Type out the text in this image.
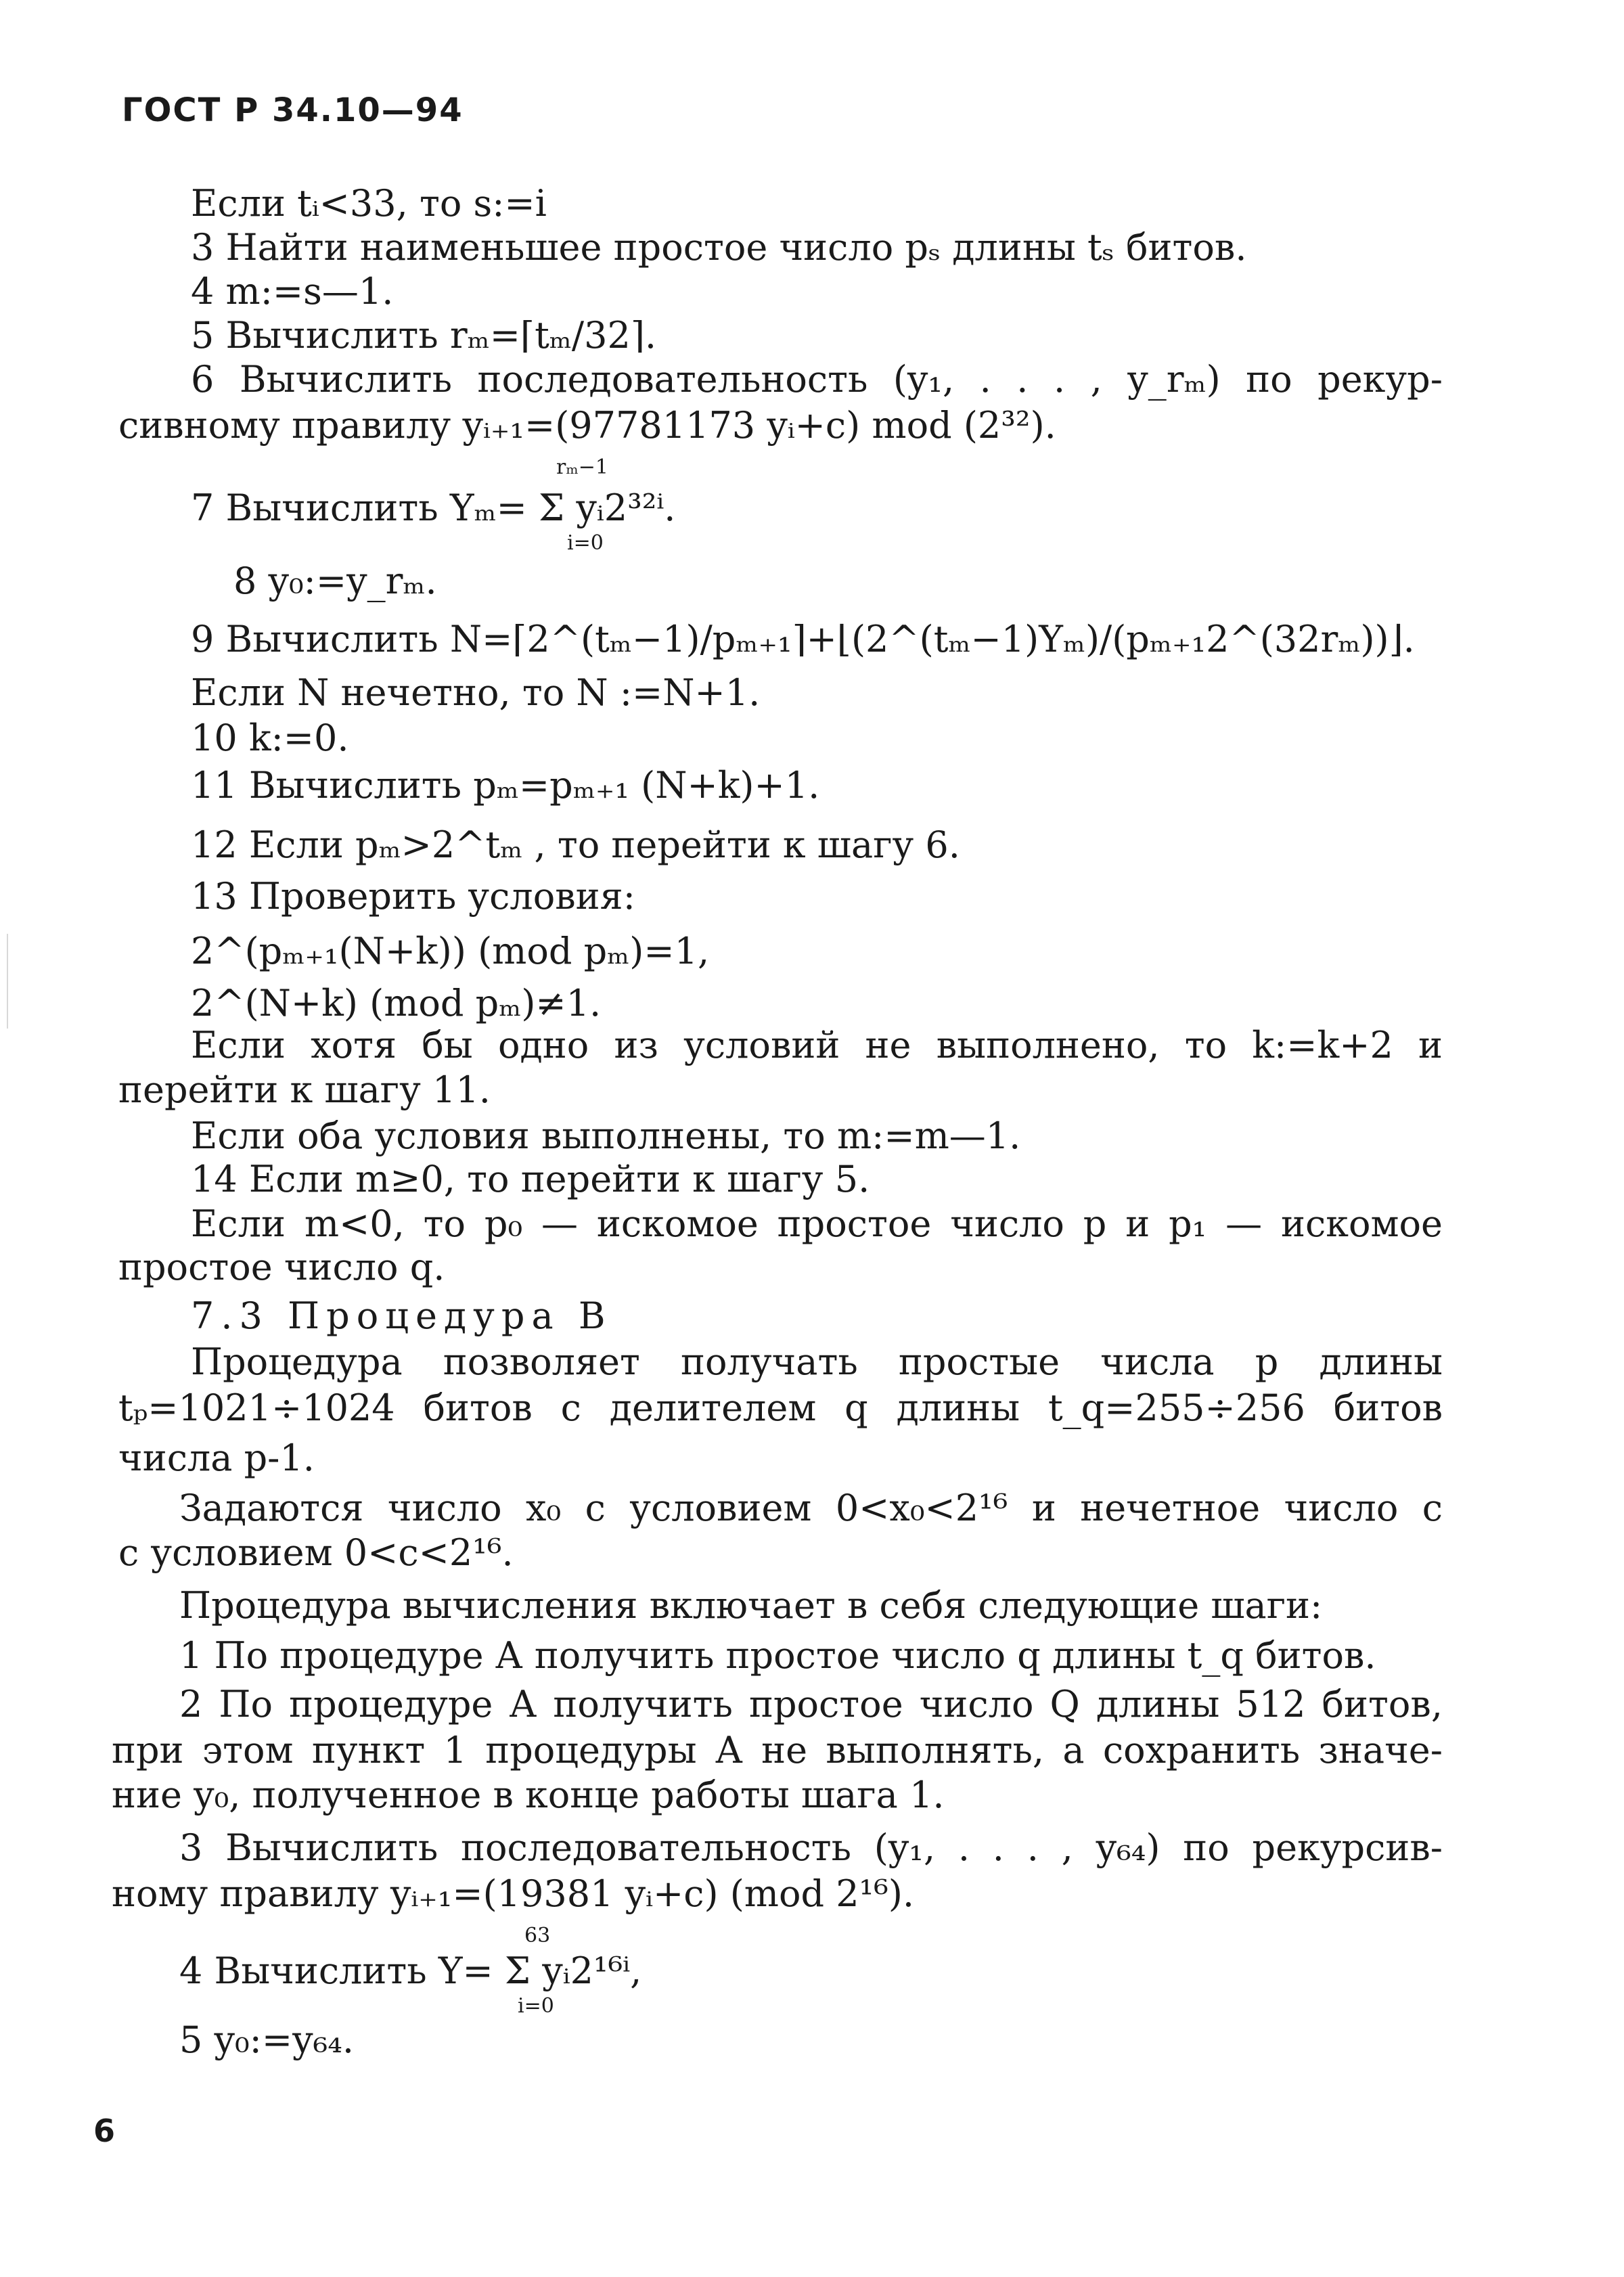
ГОСТ Р 34.10—94
Если tᵢ<33, то s:=i
3 Найти наименьшее простое число pₛ длины tₛ битов.
4 m:=s—1.
5 Вычислить rₘ=⌈tₘ/32⌉.
6 Вычислить последовательность (y₁, . . . , y_rₘ) по рекур-
сивному правилу yᵢ₊₁=(97781173 yᵢ+c) mod (2³²).
rₘ−1
7 Вычислить Yₘ= Σ yᵢ2³²ⁱ.
i=0
8 y₀:=y_rₘ.
9 Вычислить N=⌈2^(tₘ−1)/pₘ₊₁⌉+⌊(2^(tₘ−1)Yₘ)/(pₘ₊₁2^(32rₘ))⌋.
Если N нечетно, то N :=N+1.
10 k:=0.
11 Вычислить pₘ=pₘ₊₁ (N+k)+1.
12 Если pₘ>2^tₘ , то перейти к шагу 6.
13 Проверить условия:
2^(pₘ₊₁(N+k)) (mod pₘ)=1,
2^(N+k) (mod pₘ)≠1.
Если хотя бы одно из условий не выполнено, то k:=k+2 и
перейти к шагу 11.
Если оба условия выполнены, то m:=m—1.
14 Если m≥0, то перейти к шагу 5.
Если m<0, то p₀ — искомое простое число p и p₁ — искомое
простое число q.
7.3 Процедура В
Процедура позволяет получать простые числа p длины
tₚ=1021÷1024 битов с делителем q длины t_q=255÷256 битов
числа p-1.
Задаются число x₀ с условием 0<x₀<2¹⁶ и нечетное число c
с условием 0<c<2¹⁶.
Процедура вычисления включает в себя следующие шаги:
1 По процедуре А получить простое число q длины t_q битов.
2 По процедуре А получить простое число Q длины 512 битов,
при этом пункт 1 процедуры А не выполнять, а сохранить значе-
ние y₀, полученное в конце работы шага 1.
3 Вычислить последовательность (y₁, . . . , y₆₄) по рекурсив-
ному правилу yᵢ₊₁=(19381 yᵢ+c) (mod 2¹⁶).
63
4 Вычислить Y= Σ yᵢ2¹⁶ⁱ,
i=0
5 y₀:=y₆₄.
6
